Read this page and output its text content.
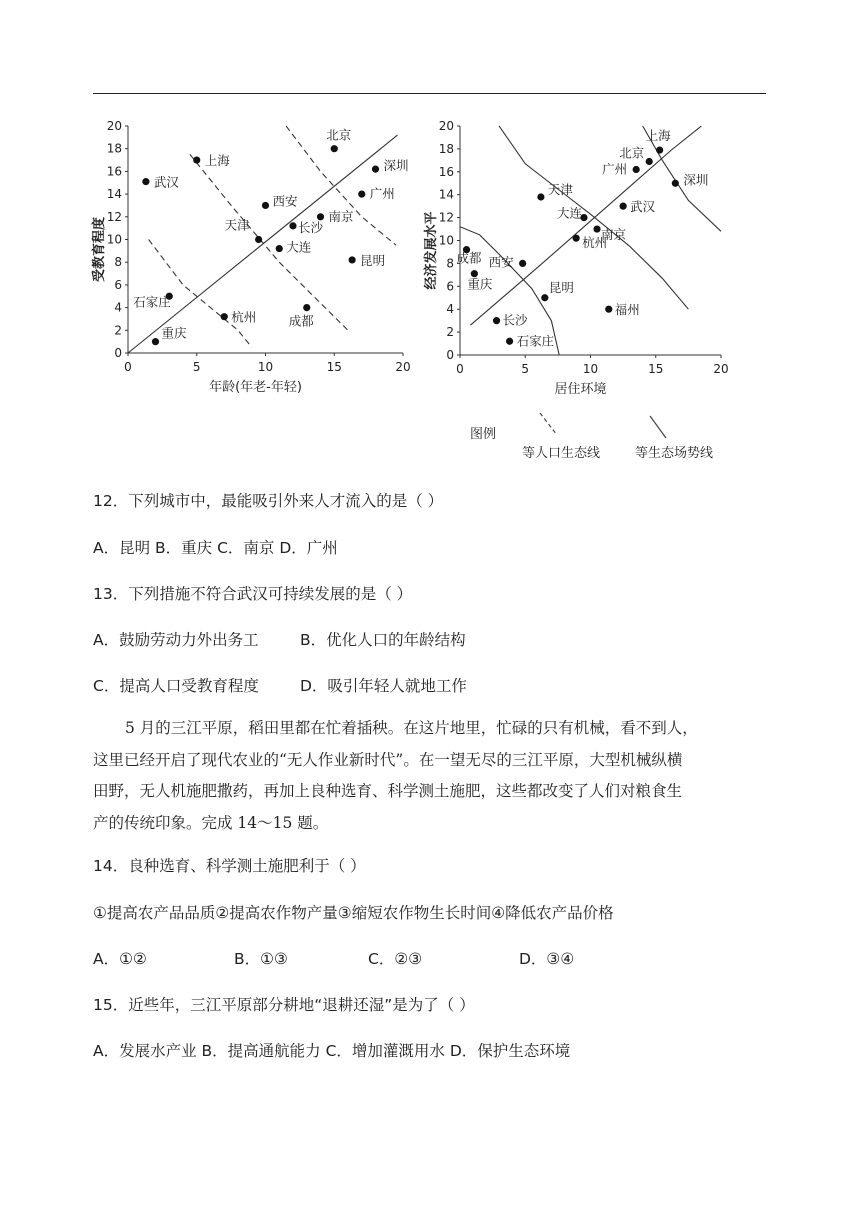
0	5	10	15	20
0
2
4
6
8
10
12
14
16
18
20
年龄(年老-年轻)
受教育程度
北京
上海	深圳
武汉
广州
西安
南京
长沙
天津
大连
昆明
石家庄
成都
杭州
重庆
0	5	10	15	20
0
2
4
6
8
10
12
14
16
18
20
居住环境
经济发展水平
上海
北京
广州
深圳
天津
武汉
大连
南京
杭州
成都 西安
重庆	昆明
福州
长沙
石家庄
图例
等人口生态线	等生态场势线
12．下列城市中，最能吸引外来人才流入的是（ ）
A．昆明 B．重庆 C．南京 D．广州
13．下列措施不符合武汉可持续发展的是（ ）
A．鼓励劳动力外出务工	B．优化人口的年龄结构
C．提高人口受教育程度	D．吸引年轻人就地工作
5 月的三江平原，稻田里都在忙着插秧。在这片地里，忙碌的只有机械，看不到人，
这里已经开启了现代农业的“无人作业新时代”。在一望无尽的三江平原，大型机械纵横
田野，无人机施肥撒药，再加上良种选育、科学测土施肥，这些都改变了人们对粮食生
产的传统印象。完成 14～15 题。
14．良种选育、科学测土施肥利于（ ）
①提高农产品品质②提高农作物产量③缩短农作物生长时间④降低农产品价格
A．①②	B．①③	C．②③	D．③④
15．近些年，三江平原部分耕地“退耕还湿”是为了（ ）
A．发展水产业 B．提高通航能力 C．增加灌溉用水 D．保护生态环境
